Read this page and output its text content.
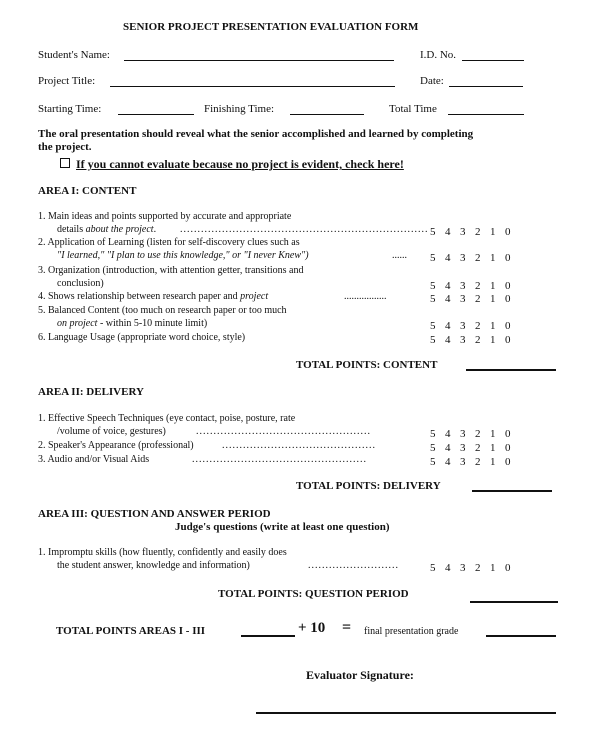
SENIOR PROJECT PRESENTATION EVALUATION FORM
Student's Name:	I.D. No.
Project Title:	Date:
Starting Time:	Finishing Time:	Total Time
The oral presentation should reveal what the senior accomplished and learned by completing
the project.
If you cannot evaluate because no project is evident, check here!
AREA I: CONTENT
1. Main ideas and points supported by accurate and appropriate
details about the project. ....................................................................... 5 4 3 2 1 0
2. Application of Learning (listen for self-discovery clues such as
"I learned," "I plan to use this knowledge," or "I never Knew")	...... 5 4 3 2 1 0
3. Organization (introduction, with attention getter, transitions and
conclusion)	5 4 3 2 1 0
4. Shows relationship between research paper and project	.................	5 4 3 2 1 0
5. Balanced Content (too much on research paper or too much
on project - within 5-10 minute limit)	5 4 3 2 1 0
6. Language Usage (appropriate word choice, style)	5 4 3 2 1 0
TOTAL POINTS: CONTENT
AREA II: DELIVERY
1. Effective Speech Techniques (eye contact, poise, posture, rate
/volume of voice, gestures)	..................................................	5 4 3 2 1 0
2. Speaker's Appearance (professional)	............................................	5 4 3 2 1 0
3. Audio and/or Visual Aids	..................................................	5 4 3 2 1 0
TOTAL POINTS: DELIVERY
AREA III: QUESTION AND ANSWER PERIOD
Judge's questions (write at least one question)
1. Impromptu skills (how fluently, confidently and easily does
the student answer, knowledge and information)	..........................	5 4 3 2 1 0
TOTAL POINTS: QUESTION PERIOD
TOTAL POINTS AREAS I - III	+ 10 = final presentation grade
Evaluator Signature:
